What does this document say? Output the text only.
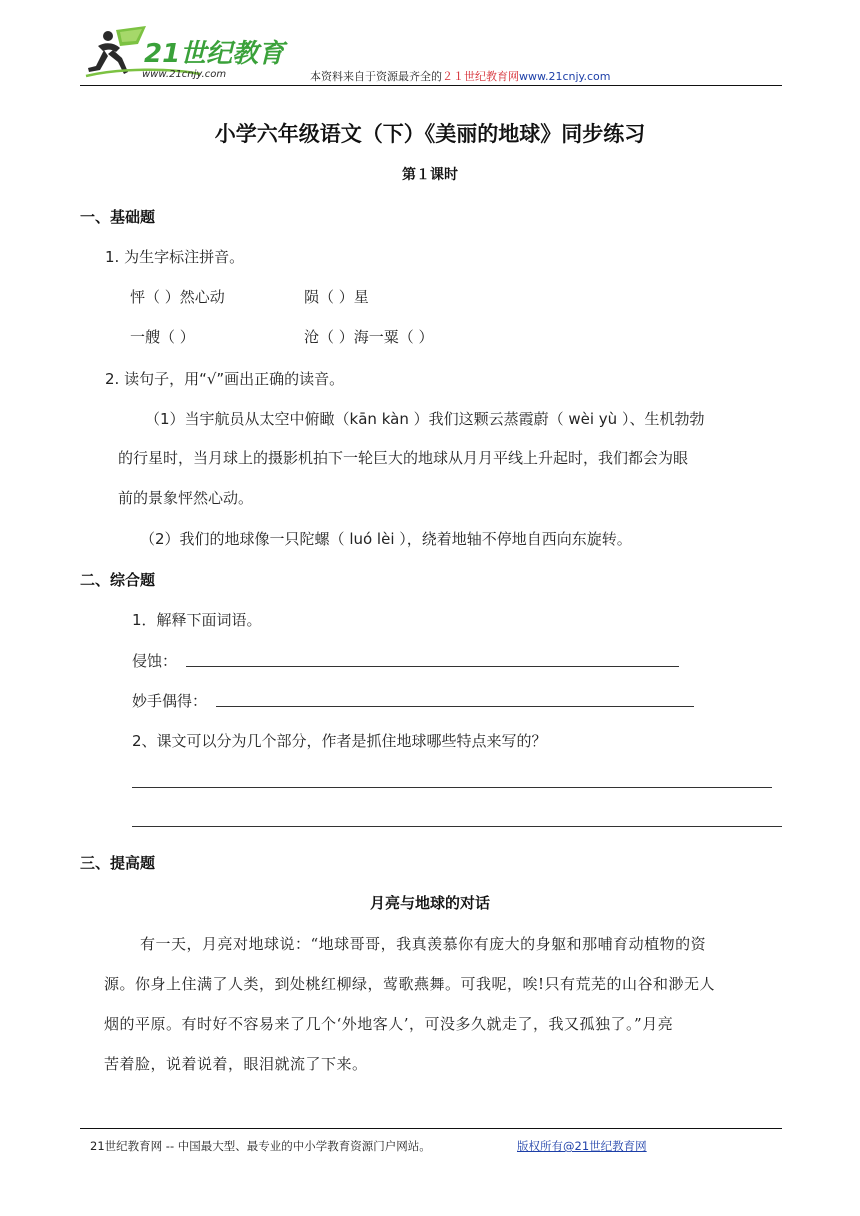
21世纪教育
www.21cnjy.com	本资料来自于资源最齐全的２１世纪教育网www.21cnjy.com
小学六年级语文（下）《美丽的地球》同步练习
第１课时
一、基础题
1. 为生字标注拼音。
怦（ ）然心动	陨（ ）星
一艘（ ）	沧（ ）海一粟（ ）
2. 读句子，用“√”画出正确的读音。
（1）当宇航员从太空中俯瞰（kān kàn ）我们这颗云蒸霞蔚（ wèi yù ）、生机勃勃
的行星时，当月球上的摄影机拍下一轮巨大的地球从月月平线上升起时，我们都会为眼
前的景象怦然心动。
（2）我们的地球像一只陀螺（ luó lèi ），绕着地轴不停地自西向东旋转。
二、综合题
1．解释下面词语。
侵蚀：
妙手偶得：
2、课文可以分为几个部分，作者是抓住地球哪些特点来写的？
三、提高题
月亮与地球的对话
有一天，月亮对地球说：“地球哥哥，我真羡慕你有庞大的身躯和那哺育动植物的资
源。你身上住满了人类，到处桃红柳绿，莺歌燕舞。可我呢，唉!只有荒芜的山谷和渺无人
烟的平原。有时好不容易来了几个‘外地客人’，可没多久就走了，我又孤独了。”月亮
苦着脸，说着说着，眼泪就流了下来。
21世纪教育网 -- 中国最大型、最专业的中小学教育资源门户网站。	版权所有@21世纪教育网
